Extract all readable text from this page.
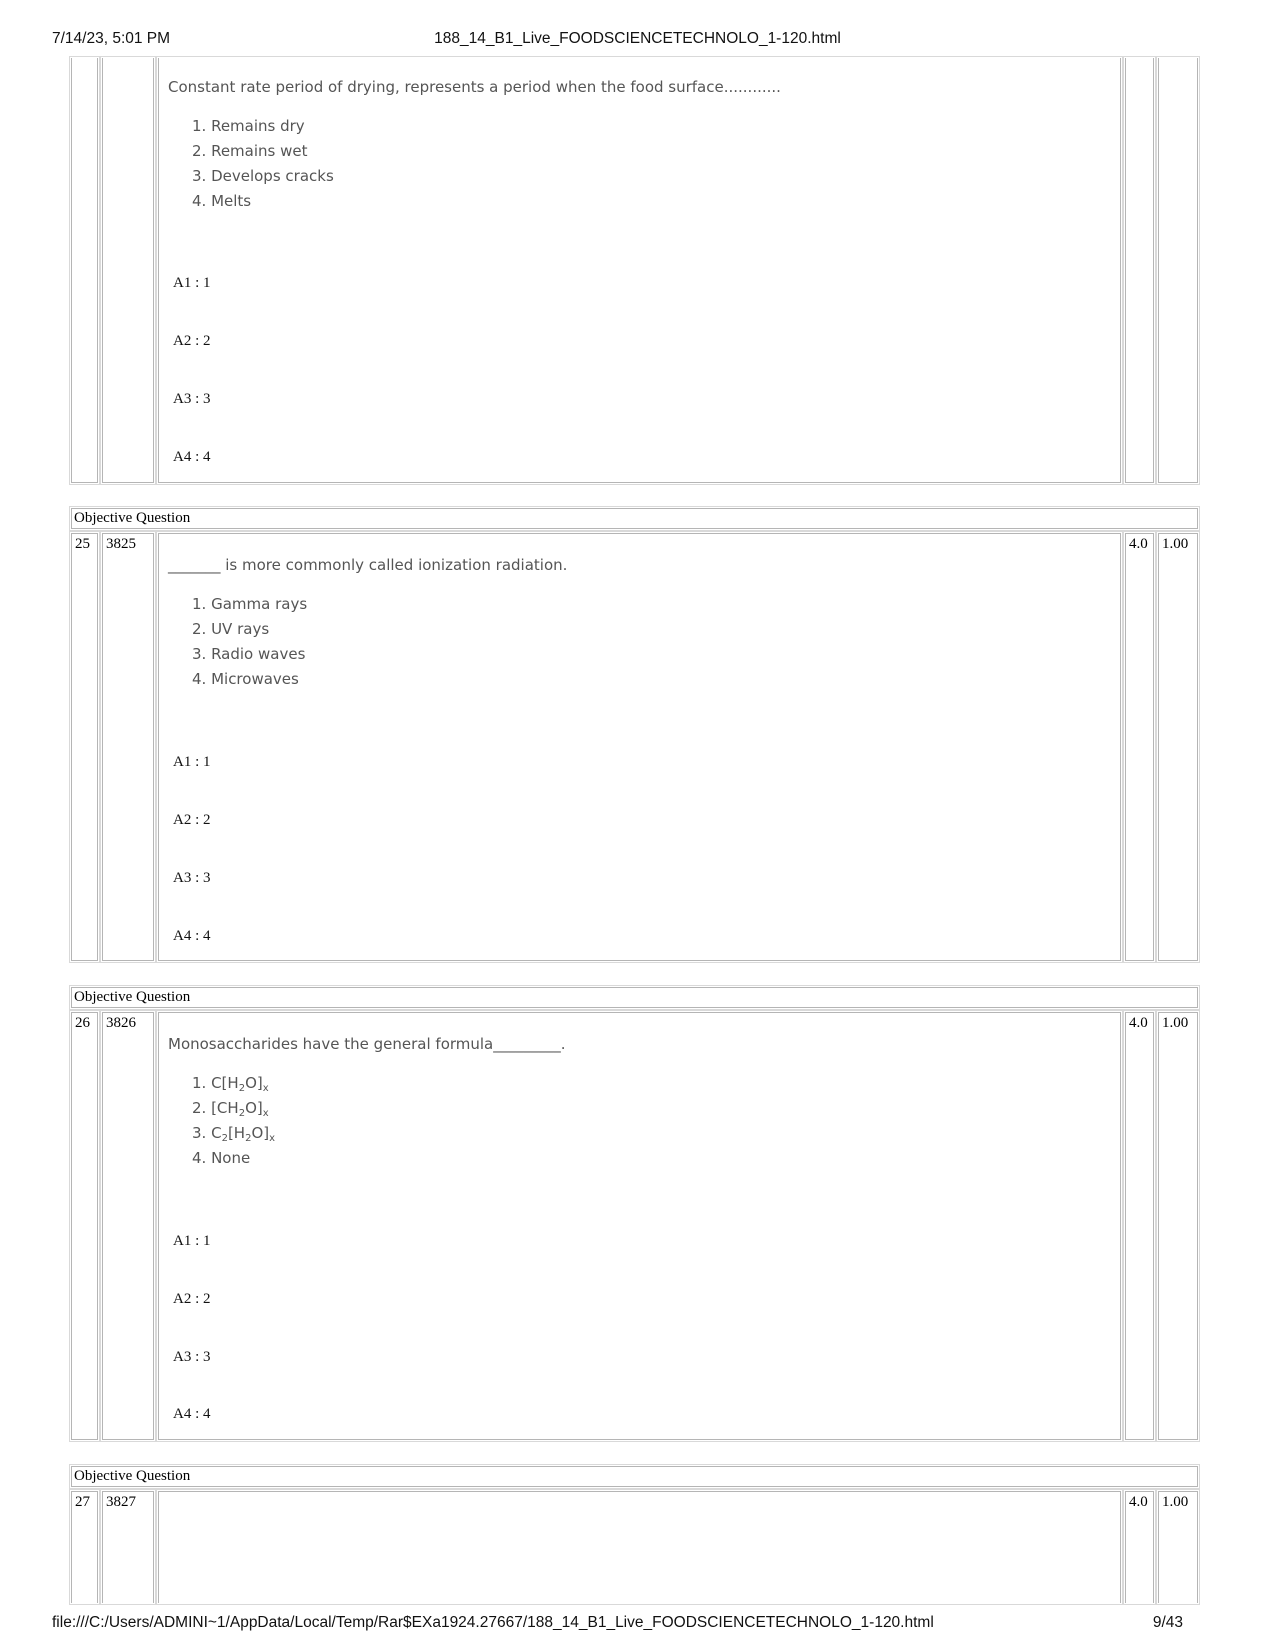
7/14/23, 5:01 PM	188_14_B1_Live_FOODSCIENCETECHNOLO_1-120.html
Constant rate period of drying, represents a period when the food surface............
1. Remains dry
2. Remains wet
3. Develops cracks
4. Melts
A1 : 1
A2 : 2
A3 : 3
A4 : 4
Objective Question
25	3825	4.0 1.00
_______ is more commonly called ionization radiation.
1. Gamma rays
2. UV rays
3. Radio waves
4. Microwaves
A1 : 1
A2 : 2
A3 : 3
A4 : 4
Objective Question
26	3826	4.0 1.00
Monosaccharides have the general formula_________.
1. $C[H_2O]_x$
2. $[CH_2O]_x$
3. $C_2[H_2O]_x$
4. None
A1 : 1
A2 : 2
A3 : 3
A4 : 4
Objective Question
27	3827	4.0 1.00
file:///C:/Users/ADMINI~1/AppData/Local/Temp/Rar$EXa1924.27667/188_14_B1_Live_FOODSCIENCETECHNOLO_1-120.html	9/43
